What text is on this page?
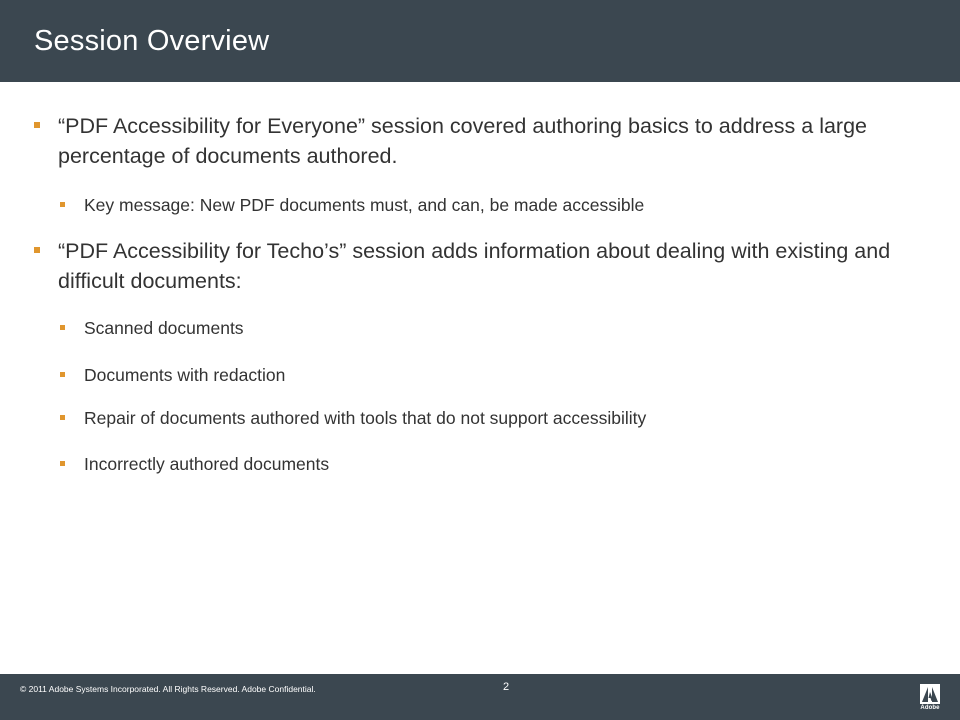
Session Overview
“PDF Accessibility for Everyone” session covered authoring basics to address a large percentage of documents authored.
Key message: New PDF documents must, and can, be made accessible
“PDF Accessibility for Techo’s” session adds information about dealing with existing and difficult documents:
Scanned documents
Documents with redaction
Repair of documents authored with tools that do not support accessibility
Incorrectly authored documents
© 2011 Adobe Systems Incorporated. All Rights Reserved. Adobe Confidential.	2
Adobe
